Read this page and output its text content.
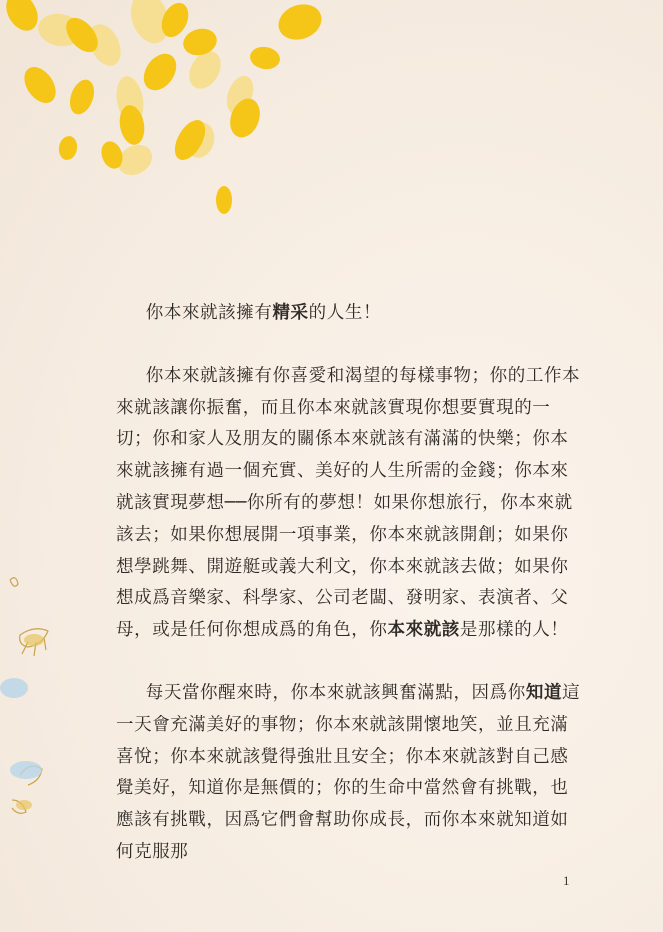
你本來就該擁有精采的人生！

你本來就該擁有你喜愛和渴望的每樣事物；你的工作本來就該讓你振奮，而且你本來就該實現你想要實現的一切；你和家人及朋友的關係本來就該有滿滿的快樂；你本來就該擁有過一個充實、美好的人生所需的金錢；你本來就該實現夢想──你所有的夢想！如果你想旅行，你本來就該去；如果你想展開一項事業，你本來就該開創；如果你想學跳舞、開遊艇或義大利文，你本來就該去做；如果你想成爲音樂家、科學家、公司老闆、發明家、表演者、父母，或是任何你想成爲的角色，你本來就該是那樣的人！

每天當你醒來時，你本來就該興奮滿點，因爲你知道這一天會充滿美好的事物；你本來就該開懷地笑，並且充滿喜悅；你本來就該覺得強壯且安全；你本來就該對自己感覺美好，知道你是無價的；你的生命中當然會有挑戰，也應該有挑戰，因爲它們會幫助你成長，而你本來就知道如何克服那

1
